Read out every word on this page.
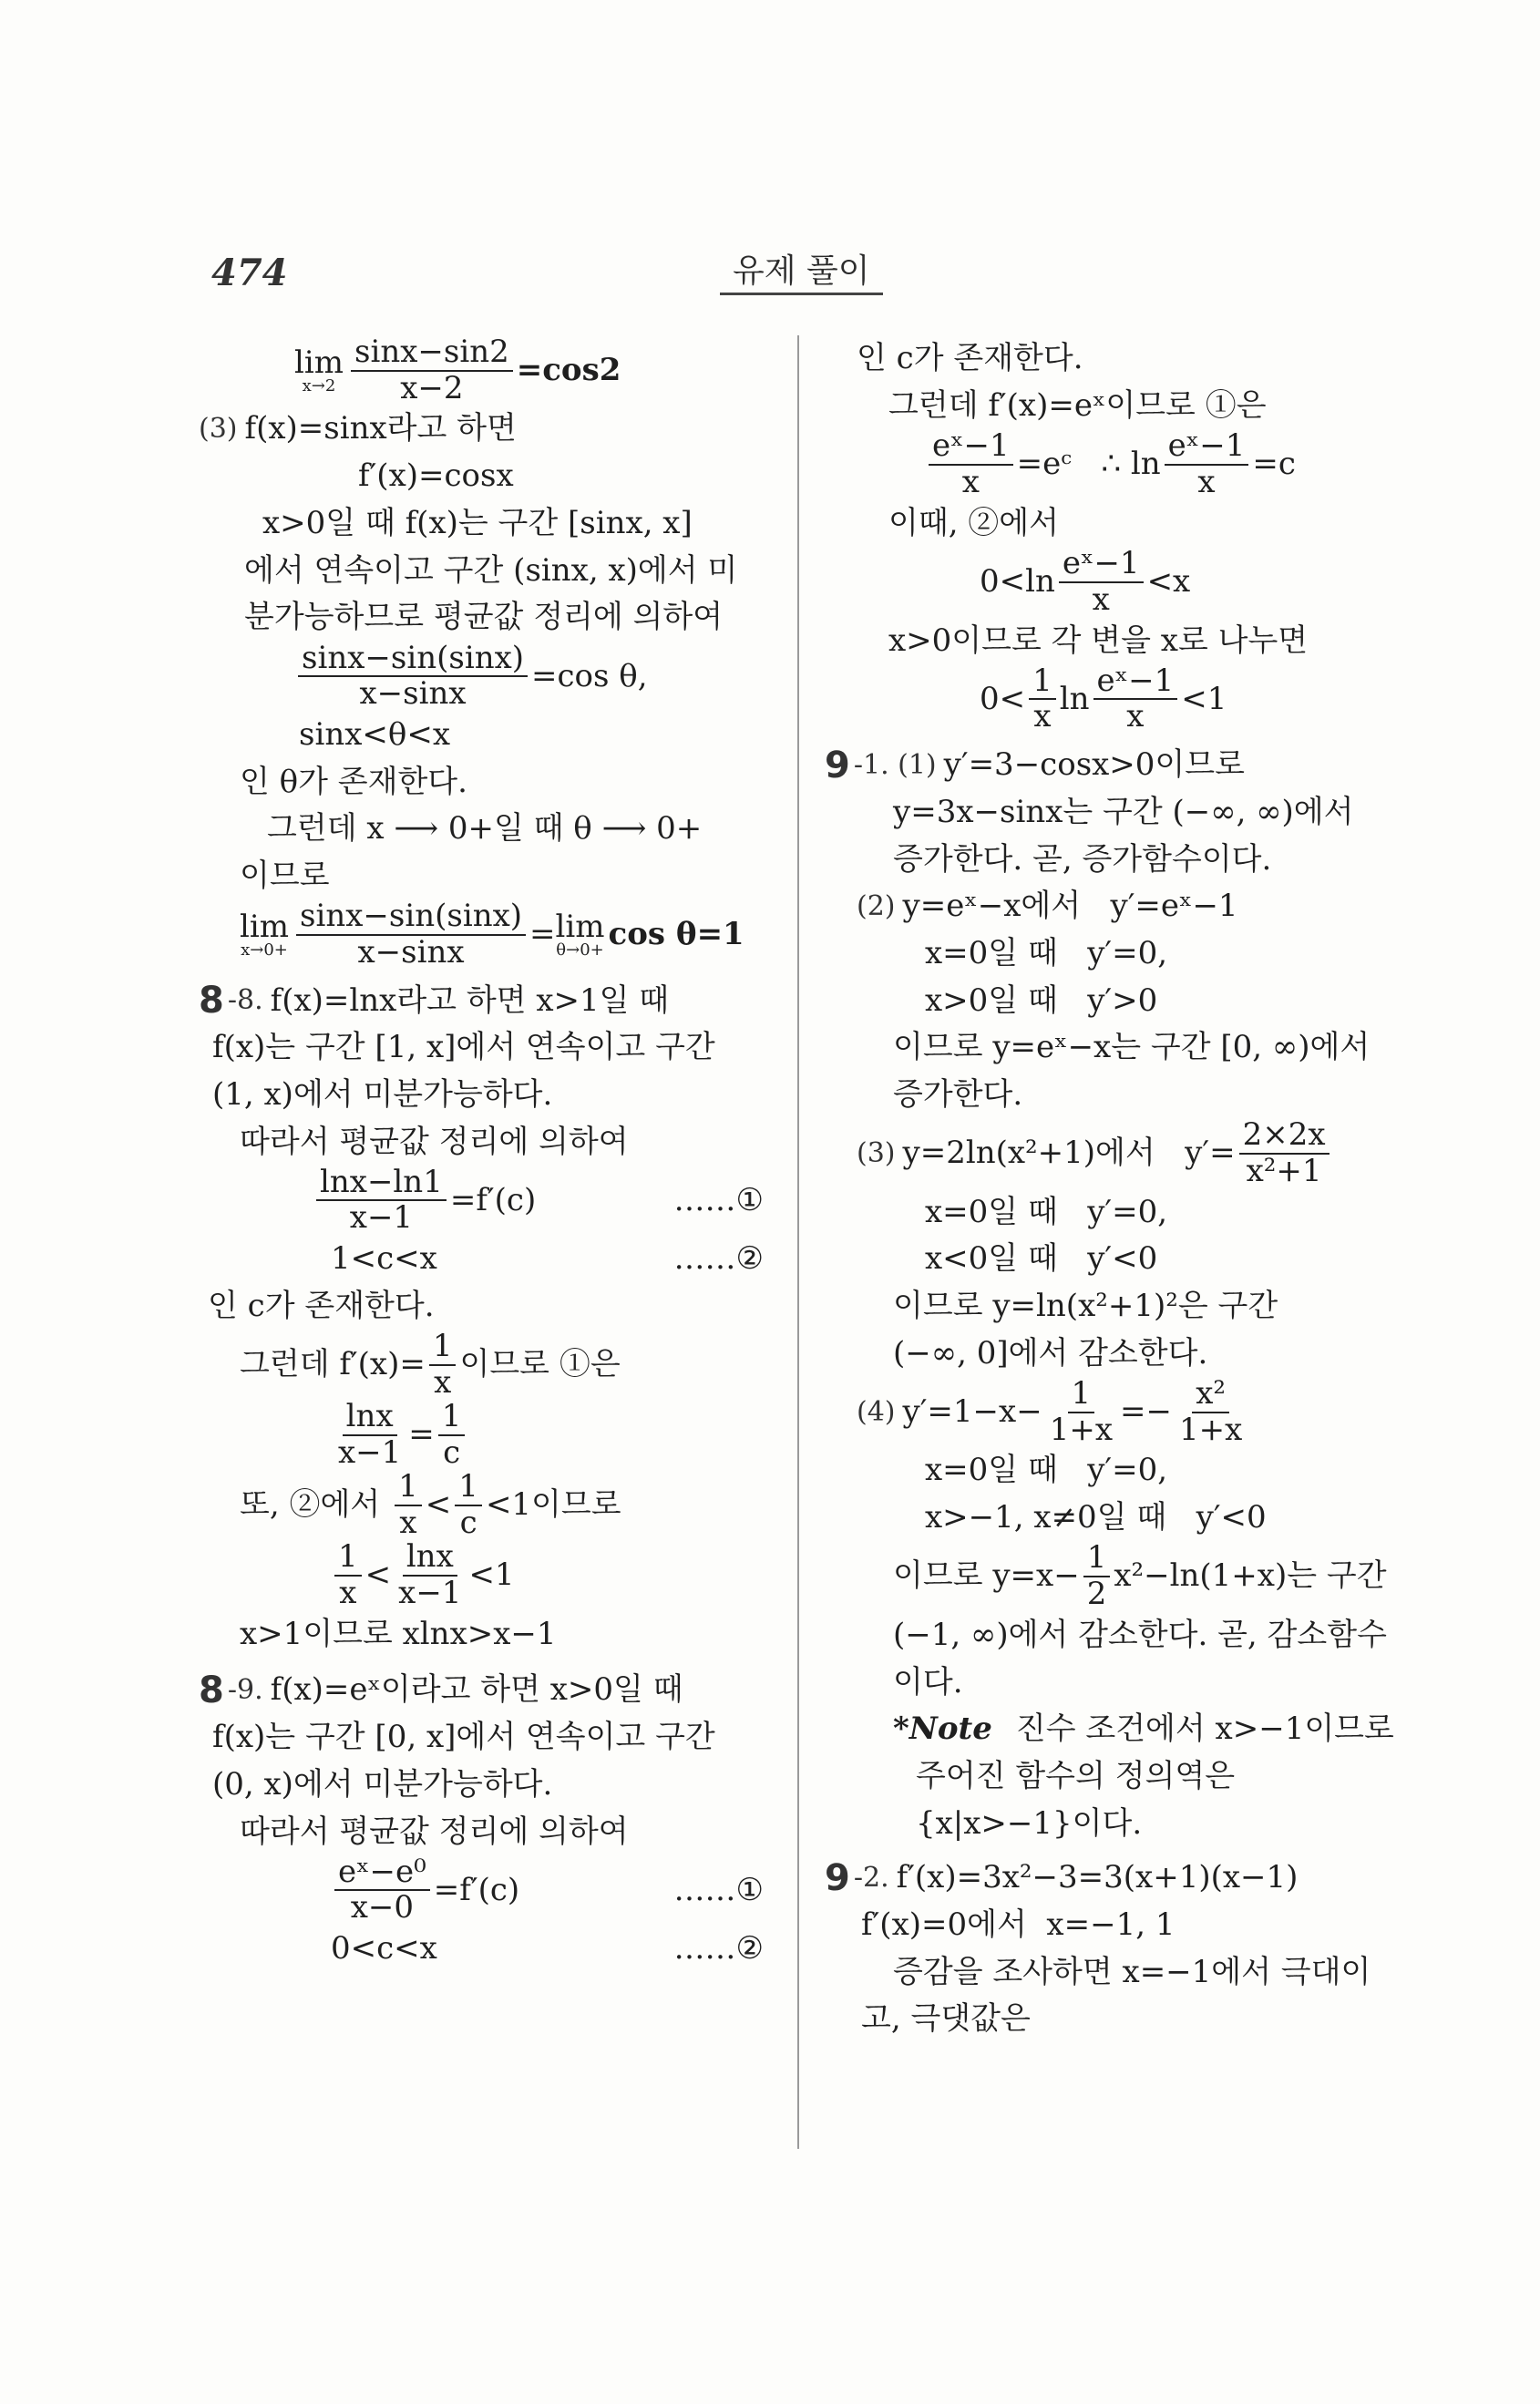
474	유제 풀이
lim
$x\to 2 \frac{\sin x-\sin 2}{x-2} =\cos 2$
(3) f(x)=sinx라고 하면
f′(x)=cosx
x>0일 때 f(x)는 구간 [sinx, x]
에서 연속이고 구간 (sinx, x)에서 미
분가능하므로 평균값 정리에 의하여
$\frac{\sin x-\sin(\sin x)}{x-\sin x} =\cos$ θ,
sinx<θ<x
인 θ가 존재한다.
그런데 x ⟶ 0+일 때 θ ⟶ 0+
이므로
lim
$x\to 0+ \frac{\sin x-\sin(\sin x)}{x-\sin x} = \lim$
θ→0+ cos θ=1
8 -8. f(x)=lnx라고 하면 x>1일 때
f(x)는 구간 [1, x]에서 연속이고 구간
(1, x)에서 미분가능하다.
따라서 평균값 정리에 의하여
$\frac{\ln x-\ln 1}{x-1} =f'(c)$	……①
1<c<x	……②
인 c가 존재한다.
그런데 $f'(x)= \frac{1}{x}$ 이므로 ①은
$\frac{\ln x}{x-1} = \frac{1}{c}$
또, ②에서 $\frac{1}{x} < \frac{1}{c} <1$이므로
$\frac{1}{x} < \frac{\ln x}{x-1} <1$
x>1이므로 xlnx>x−1
8 -9. f(x)=eˣ이라고 하면 x>0일 때
f(x)는 구간 [0, x]에서 연속이고 구간
(0, x)에서 미분가능하다.
따라서 평균값 정리에 의하여
$\frac{\text{eˣ−e⁰}}{x-0} =f'(c)$	……①
0<c<x	……②
인 c가 존재한다.
그런데 f′(x)=eˣ이므로 ①은
$\frac{\text{eˣ−1}}{x}$ =eᶜ   ∴ $\ln \frac{\text{eˣ−1}}{x} =c$
이때, ②에서
$0<\ln \frac{\text{eˣ−1}}{x} <x$
x>0이므로 각 변을 x로 나누면
$0< \frac{1}{x}$ $\ln \frac{\text{eˣ−1}}{x} <1$
9 -1. (1) y′=3−cosx>0이므로
y=3x−sinx는 구간 (−∞, ∞)에서
증가한다. 곧, 증가함수이다.
(2) y=eˣ−x에서   y′=eˣ−1
x=0일 때   y′=0,
x>0일 때   y′>0
이므로 y=eˣ−x는 구간 [0, ∞)에서
증가한다.
(3) y=2ln(x²+1)에서   $y'= \frac{2\times 2x}{\text{x²+1}}$
x=0일 때   y′=0,
x<0일 때   y′<0
이므로 y=ln(x²+1)²은 구간
(−∞, 0]에서 감소한다.
(4) $y'=1-x- \frac{1}{1+x} =- \frac{\text{x²}}{1+x}$
x=0일 때   y′=0,
x>−1, x≠0일 때   y′<0
이므로 $y=x- \frac{1}{2} x^2-\ln(1+x)$는 구간
(−1, ∞)에서 감소한다. 곧, 감소함수
이다.
*Note 진수 조건에서 x>−1이므로
주어진 함수의 정의역은
{x|x>−1}이다.
9 -2. f′(x)=3x²−3=3(x+1)(x−1)
f′(x)=0에서  x=−1, 1
증감을 조사하면 x=−1에서 극대이
고, 극댓값은
